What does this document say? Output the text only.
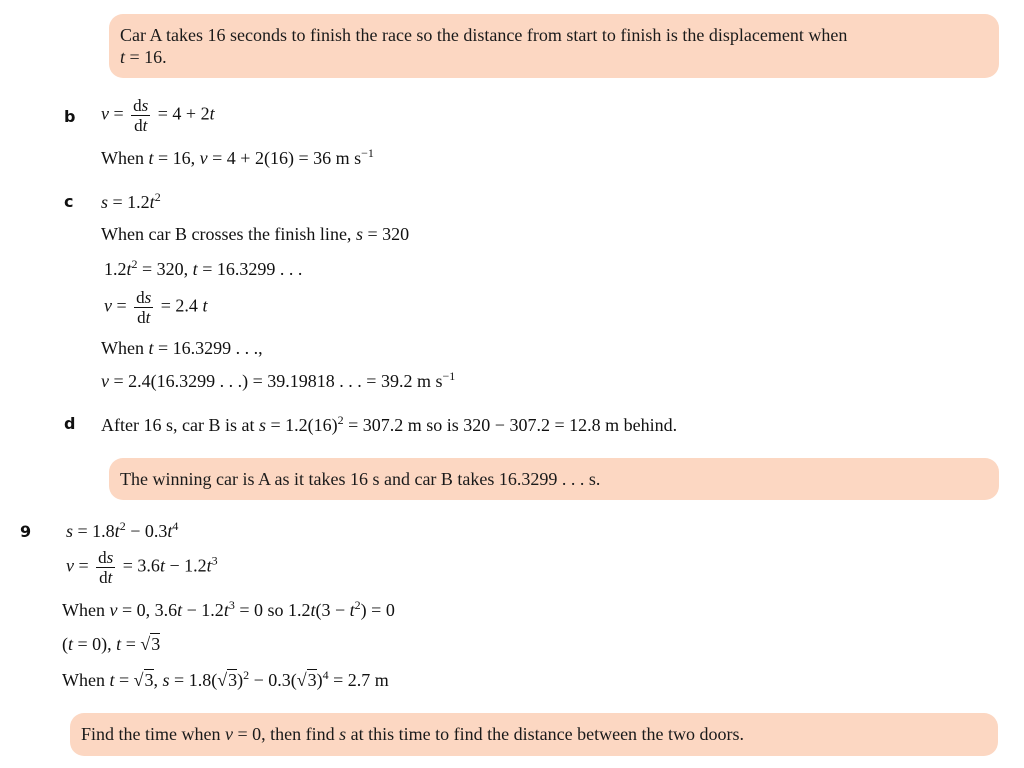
Car A takes 16 seconds to finish the race so the distance from start to finish is the displacement when
t = 16.
b $v = \frac{ds}{dt} = 4 + 2t$
When t = 16, v = 4 + 2(16) = 36 m $s^{-1}$
c $s = 1.2t^2$
When car B crosses the finish line, s = 320
$1.2t^2 = 320$, t = 16.3299 . . .
$v = \frac{ds}{dt} = 2.4$ t
When t = 16.3299 . . .,
v = 2.4(16.3299 . . .) = 39.19818 . . . = 39.2 m $s^{-1}$
d After 16 s, car B is at $s = 1.2(16)^2 = 307.2$ m so is 320 − 307.2 = 12.8 m behind.
The winning car is A as it takes 16 s and car B takes 16.3299 . . . s.
9 $s = 1.8t^2 - 0.3t^4$
$v = \frac{ds}{dt} = 3.6t - 1.2t^3$
When v = 0, $3.6t - 1.2t^3 = 0$ so $1.2t(3 - t^2) = 0$
(t = 0), t = √3
When t = √3, $s = 1.8(√3)^2 - 0.3(√3)^4 = 2.7$ m
Find the time when v = 0, then find s at this time to find the distance between the two doors.
